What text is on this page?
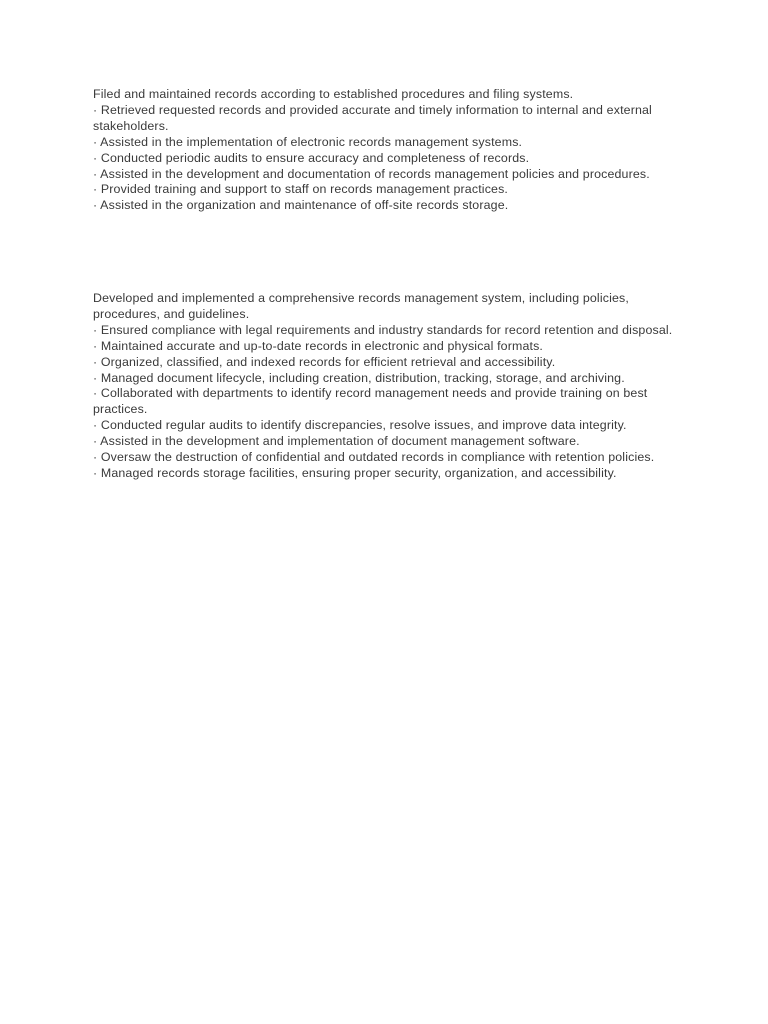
Filed and maintained records according to established procedures and filing systems.
· Retrieved requested records and provided accurate and timely information to internal and external stakeholders.
· Assisted in the implementation of electronic records management systems.
· Conducted periodic audits to ensure accuracy and completeness of records.
· Assisted in the development and documentation of records management policies and procedures.
· Provided training and support to staff on records management practices.
· Assisted in the organization and maintenance of off-site records storage.
Developed and implemented a comprehensive records management system, including policies, procedures, and guidelines.
· Ensured compliance with legal requirements and industry standards for record retention and disposal.
· Maintained accurate and up-to-date records in electronic and physical formats.
· Organized, classified, and indexed records for efficient retrieval and accessibility.
· Managed document lifecycle, including creation, distribution, tracking, storage, and archiving.
· Collaborated with departments to identify record management needs and provide training on best practices.
· Conducted regular audits to identify discrepancies, resolve issues, and improve data integrity.
· Assisted in the development and implementation of document management software.
· Oversaw the destruction of confidential and outdated records in compliance with retention policies.
· Managed records storage facilities, ensuring proper security, organization, and accessibility.
